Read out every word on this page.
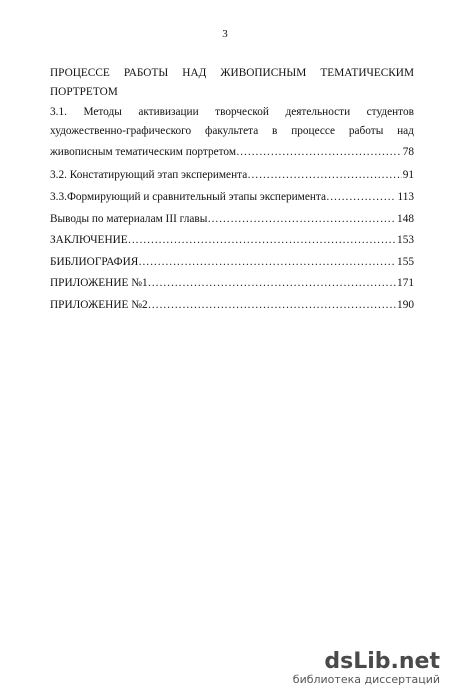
3
ПРОЦЕССЕ РАБОТЫ НАД ЖИВОПИСНЫМ ТЕМАТИЧЕСКИМ
ПОРТРЕТОМ
3.1. Методы активизации творческой деятельности студентов
художественно-графического факультета в процессе работы над
живописным тематическим портретом …………………………………………………………………………………………………………………………………………………………	78
3.2. Констатирующий этап эксперимента …………………………………………………………………………………………………………………………………………………………	91
3.3.Формирующий и сравнительный этапы эксперимента …………………………………………………………………………………………………………………………………………………………	113
Выводы по материалам III главы …………………………………………………………………………………………………………………………………………………………	148
ЗАКЛЮЧЕНИЕ …………………………………………………………………………………………………………………………………………………………	153
БИБЛИОГРАФИЯ …………………………………………………………………………………………………………………………………………………………	155
ПРИЛОЖЕНИЕ №1 …………………………………………………………………………………………………………………………………………………………	171
ПРИЛОЖЕНИЕ №2 …………………………………………………………………………………………………………………………………………………………	190
dsLib.net
библиотека диссертаций
